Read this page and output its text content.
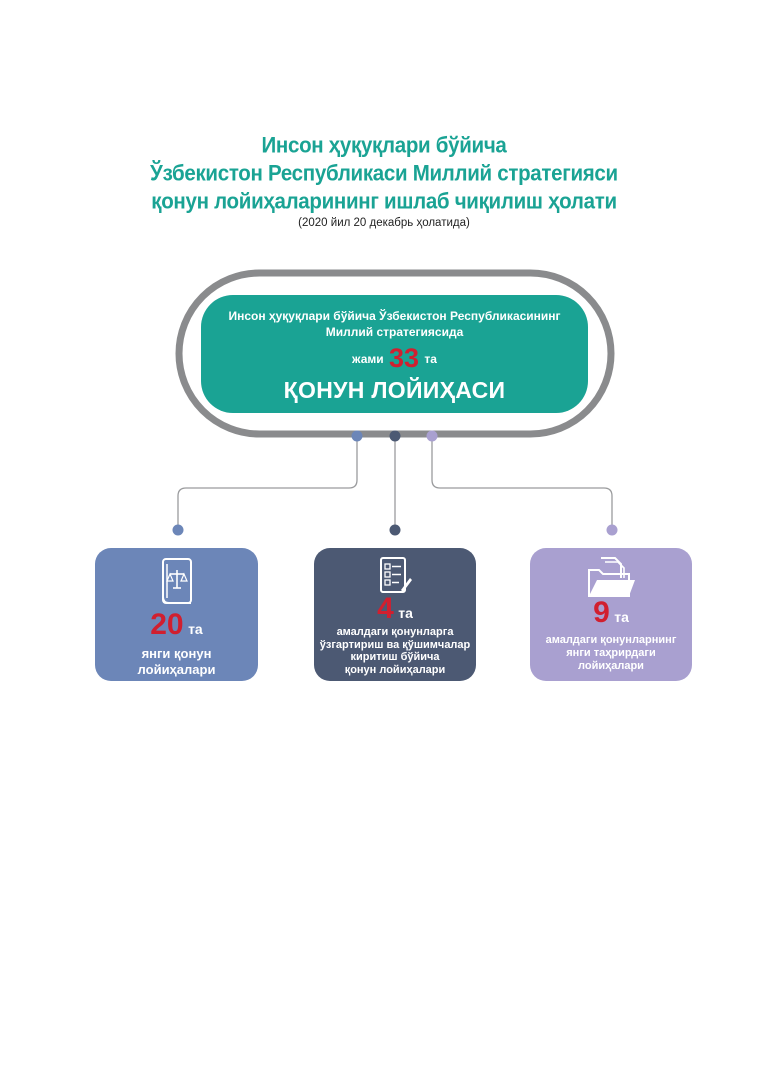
Инсон ҳуқуқлари бўйича
Ўзбекистон Республикаси Миллий стратегияси
қонун лойиҳаларининг ишлаб чиқилиш ҳолати
(2020 йил 20 декабрь ҳолатида)
Инсон ҳуқуқлари бўйича Ўзбекистон Республикасининг
Миллий стратегиясида
жами 33 та
ҚОНУН ЛОЙИҲАСИ
20 та
янги қонун
лойиҳалари
4 та
амалдаги қонунларга
ўзгартириш ва қўшимчалар
киритиш бўйича
қонун лойиҳалари
9 та
амалдаги қонунларнинг
янги таҳрирдаги
лойиҳалари
